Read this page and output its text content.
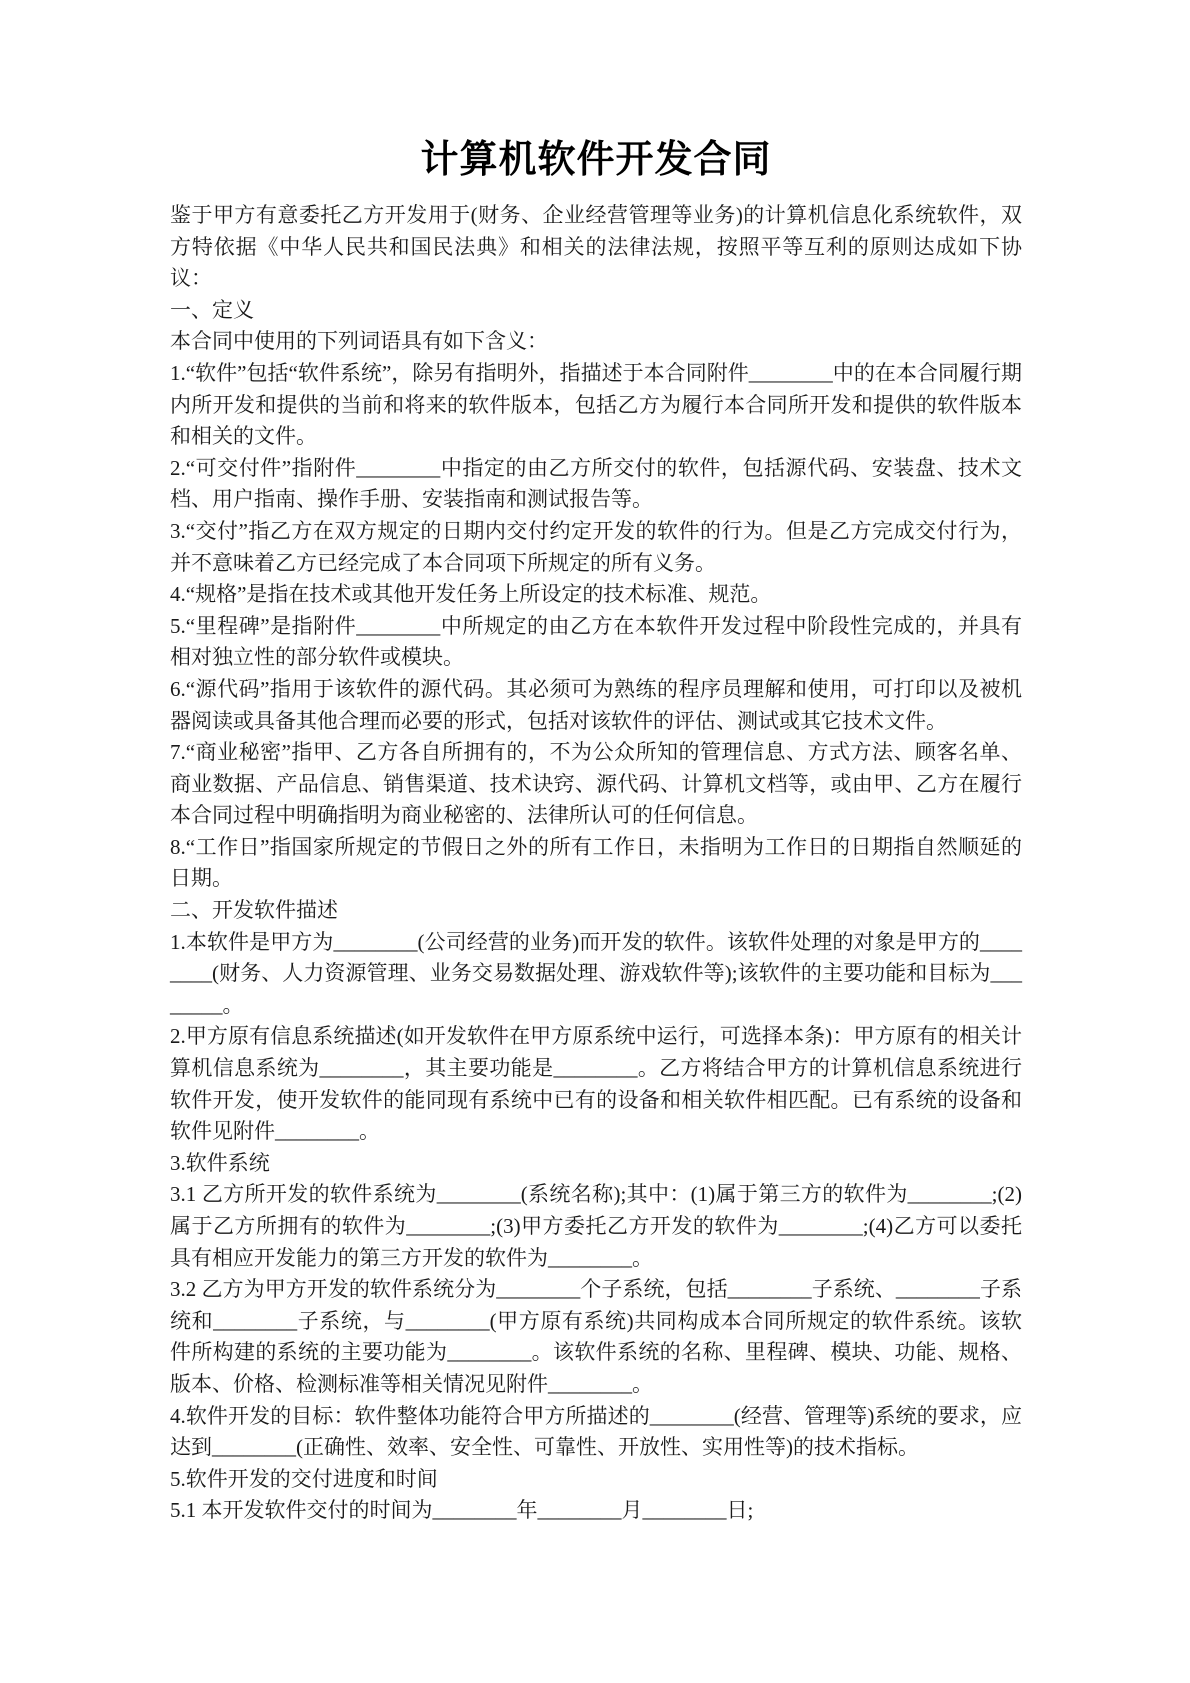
计算机软件开发合同

鉴于甲方有意委托乙方开发用于(财务、企业经营管理等业务)的计算机信息化系统软件，双方特依据《中华人民共和国民法典》和相关的法律法规，按照平等互利的原则达成如下协议：

一、定义

本合同中使用的下列词语具有如下含义：

1.“软件”包括“软件系统”，除另有指明外，指描述于本合同附件________中的在本合同履行期内所开发和提供的当前和将来的软件版本，包括乙方为履行本合同所开发和提供的软件版本和相关的文件。

2.“可交付件”指附件________中指定的由乙方所交付的软件，包括源代码、安装盘、技术文档、用户指南、操作手册、安装指南和测试报告等。

3.“交付”指乙方在双方规定的日期内交付约定开发的软件的行为。但是乙方完成交付行为，并不意味着乙方已经完成了本合同项下所规定的所有义务。

4.“规格”是指在技术或其他开发任务上所设定的技术标准、规范。

5.“里程碑”是指附件________中所规定的由乙方在本软件开发过程中阶段性完成的，并具有相对独立性的部分软件或模块。

6.“源代码”指用于该软件的源代码。其必须可为熟练的程序员理解和使用，可打印以及被机器阅读或具备其他合理而必要的形式，包括对该软件的评估、测试或其它技术文件。

7.“商业秘密”指甲、乙方各自所拥有的，不为公众所知的管理信息、方式方法、顾客名单、商业数据、产品信息、销售渠道、技术诀窍、源代码、计算机文档等，或由甲、乙方在履行本合同过程中明确指明为商业秘密的、法律所认可的任何信息。

8.“工作日”指国家所规定的节假日之外的所有工作日，未指明为工作日的日期指自然顺延的日期。

二、开发软件描述

1.本软件是甲方为________(公司经营的业务)而开发的软件。该软件处理的对象是甲方的________(财务、人力资源管理、业务交易数据处理、游戏软件等);该软件的主要功能和目标为________。

2.甲方原有信息系统描述(如开发软件在甲方原系统中运行，可选择本条)：甲方原有的相关计算机信息系统为________，其主要功能是________。乙方将结合甲方的计算机信息系统进行软件开发，使开发软件的能同现有系统中已有的设备和相关软件相匹配。已有系统的设备和软件见附件________。

3.软件系统

3.1 乙方所开发的软件系统为________(系统名称);其中：(1)属于第三方的软件为________;(2)属于乙方所拥有的软件为________;(3)甲方委托乙方开发的软件为________;(4)乙方可以委托具有相应开发能力的第三方开发的软件为________。

3.2 乙方为甲方开发的软件系统分为________个子系统，包括________子系统、________子系统和________子系统，与________(甲方原有系统)共同构成本合同所规定的软件系统。该软件所构建的系统的主要功能为________。该软件系统的名称、里程碑、模块、功能、规格、版本、价格、检测标准等相关情况见附件________。

4.软件开发的目标：软件整体功能符合甲方所描述的________(经营、管理等)系统的要求，应达到________(正确性、效率、安全性、可靠性、开放性、实用性等)的技术指标。

5.软件开发的交付进度和时间

5.1 本开发软件交付的时间为________年________月________日;
